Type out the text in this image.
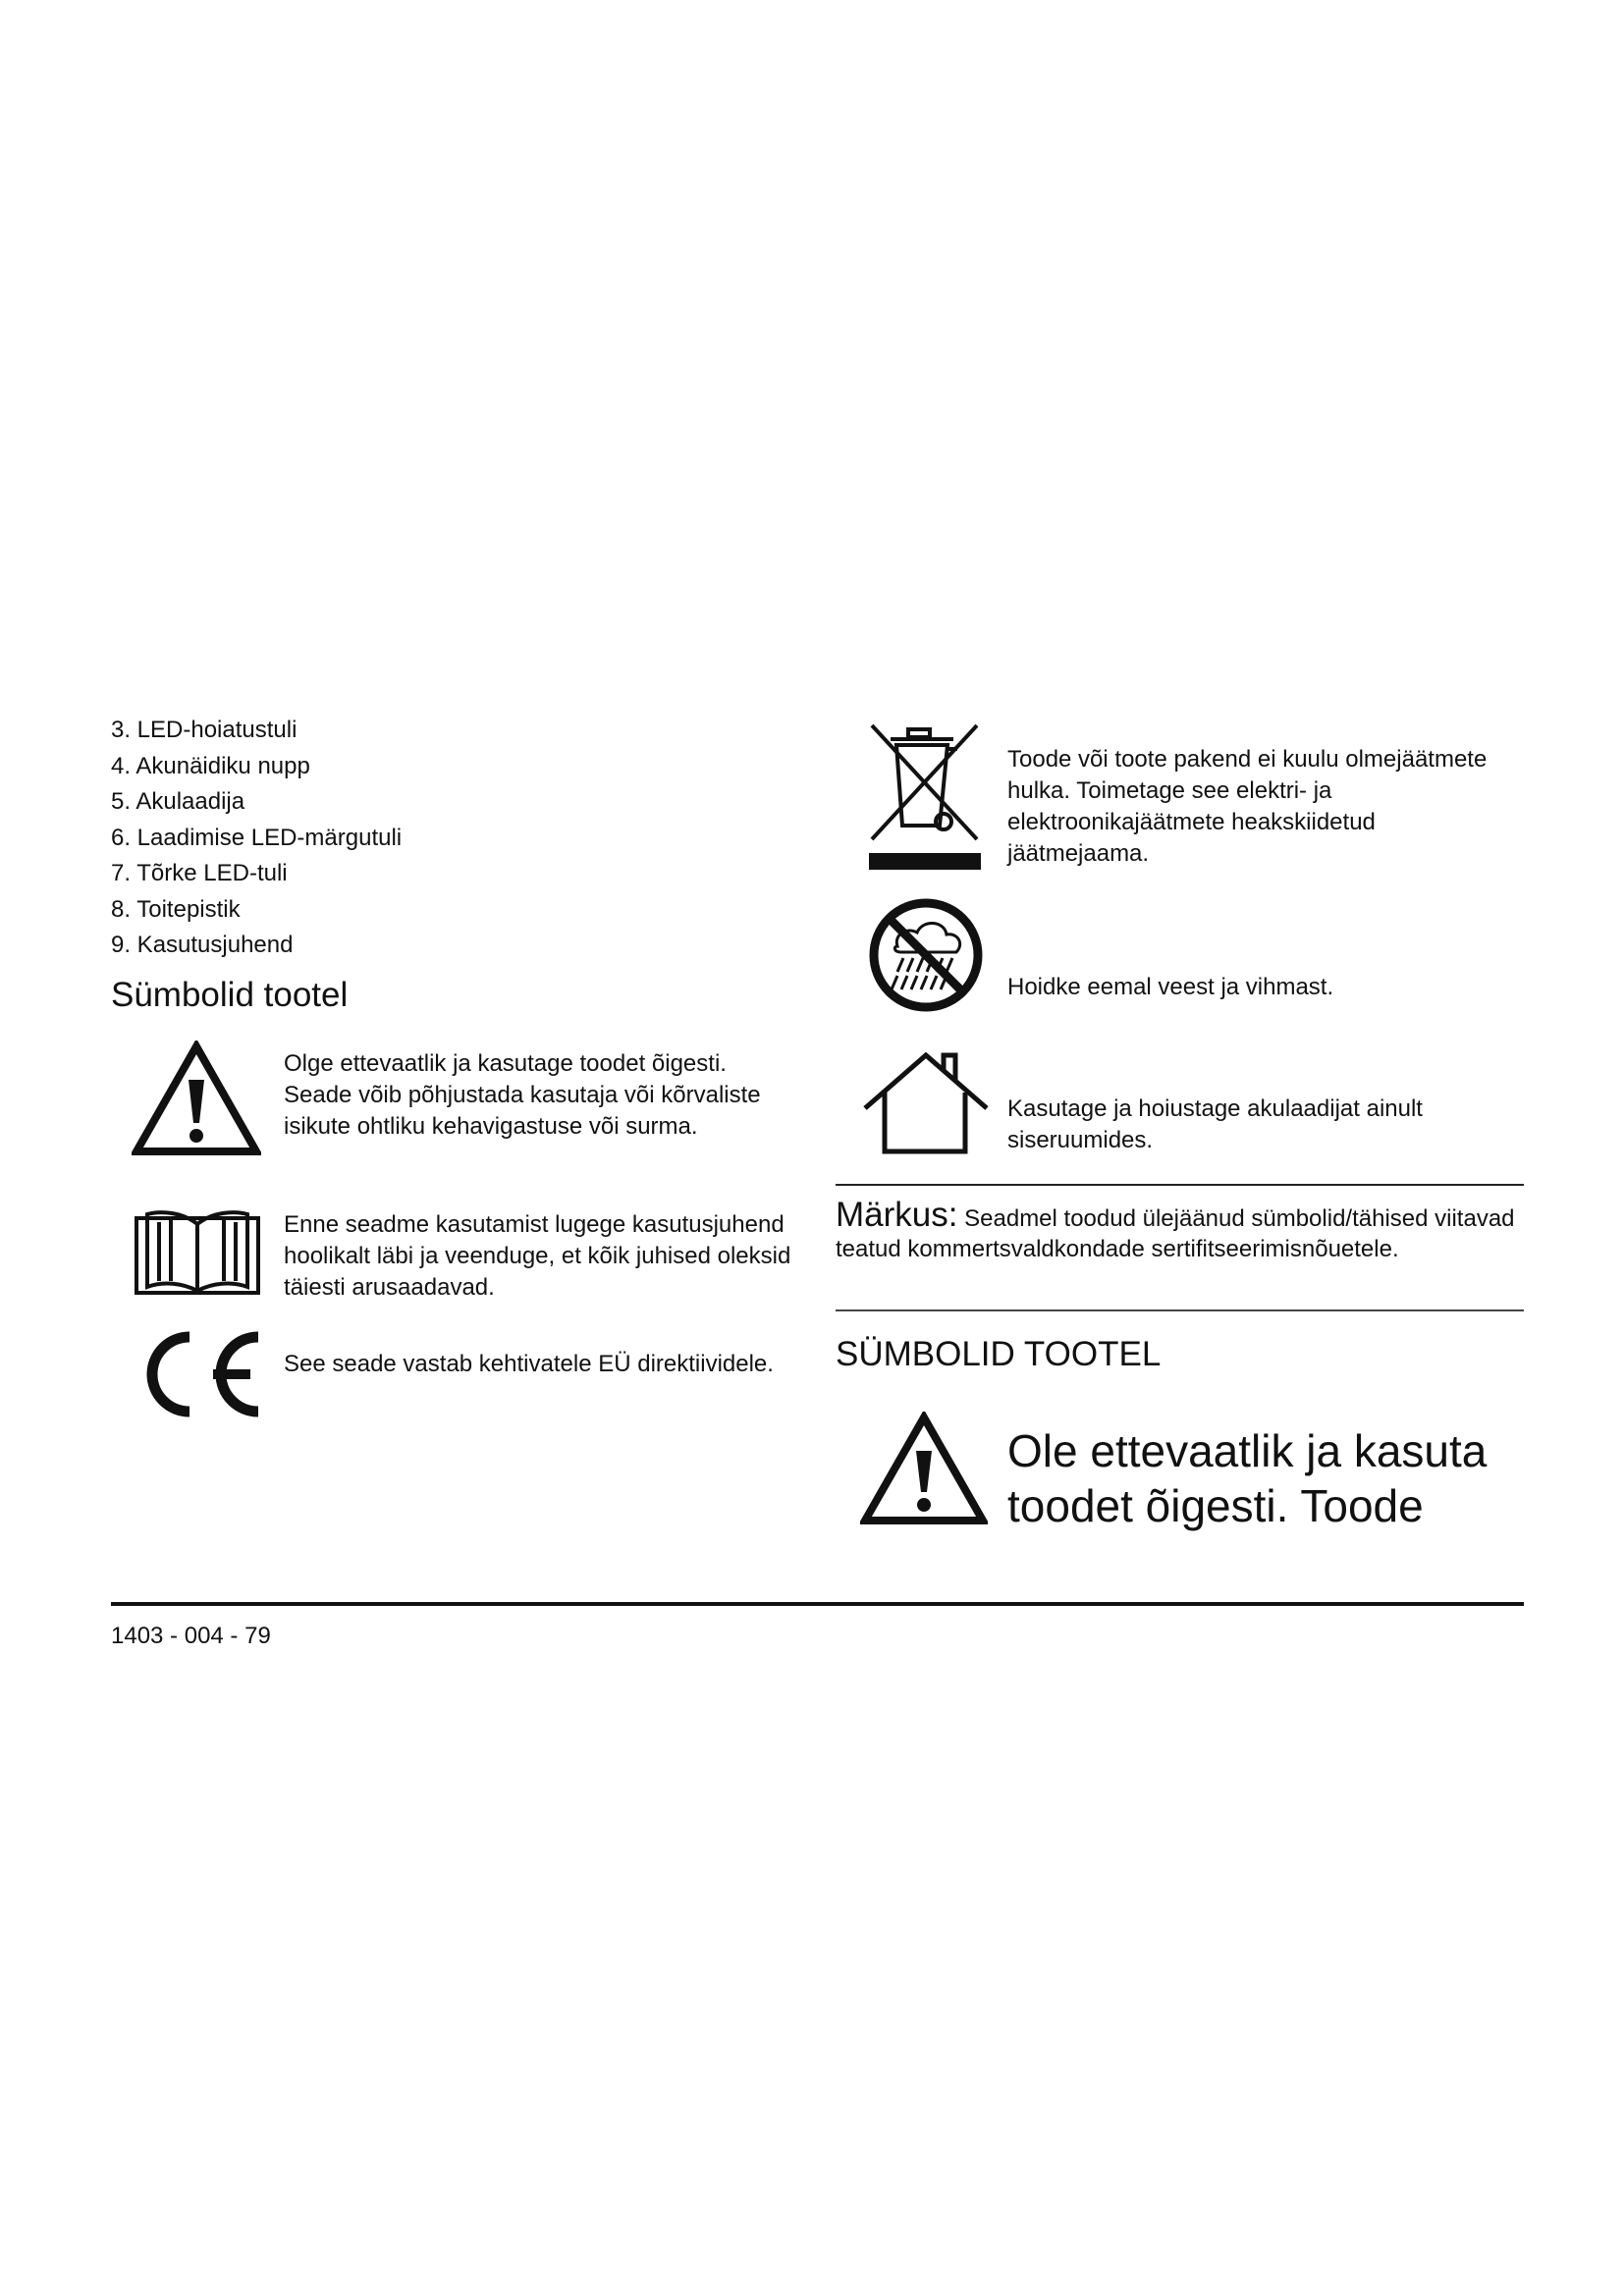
3. LED-hoiatustuli
4. Akunäidiku nupp
5. Akulaadija
6. Laadimise LED-märgutuli
7. Tõrke LED-tuli
8. Toitepistik
9. Kasutusjuhend
Sümbolid tootel
Olge ettevaatlik ja kasutage toodet õigesti. Seade võib põhjustada kasutaja või kõrvaliste isikute ohtliku kehavigastuse või surma.
Enne seadme kasutamist lugege kasutusjuhend hoolikalt läbi ja veenduge, et kõik juhised oleksid täiesti arusaadavad.
See seade vastab kehtivatele EÜ direktiividele.
Toode või toote pakend ei kuulu olmejäätmete hulka. Toimetage see elektri- ja elektroonikajäätmete heakskiidetud jäätmejaama.
Hoidke eemal veest ja vihmast.
Kasutage ja hoiustage akulaadijat ainult siseruumides.
Märkus: Seadmel toodud ülejäänud sümbolid/tähised viitavad teatud kommertsvaldkondade sertifitseerimisnõuetele.
SÜMBOLID TOOTEL
Ole ettevaatlik ja kasuta toodet õigesti. Toode
1403 - 004 - 79
